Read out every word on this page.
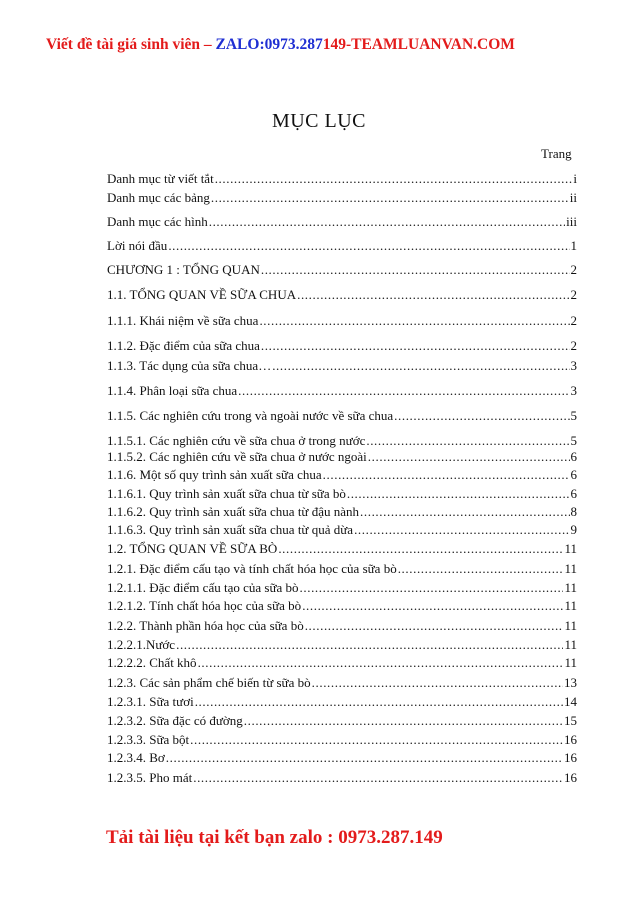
Viết đề tài giá sinh viên – ZALO:0973.287149-TEAMLUANVAN.COM
MỤC LỤC
Trang
Danh mục từ viết tắt .....	i
Danh mục các bảng .....	ii
Danh mục các hình .....	iii
Lời nói đầu .....	1
CHƯƠNG 1 : TỔNG QUAN .....	2
1.1. TỔNG QUAN VỀ SỮA CHUA .....	2
1.1.1. Khái niệm về sữa chua .....	2
1.1.2. Đặc điểm của sữa chua .....	2
1.1.3. Tác dụng của sữa chua… .....	3
1.1.4. Phân loại sữa chua .....	3
1.1.5. Các nghiên cứu trong và ngoài nước về sữa chua .....	5
1.1.5.1. Các nghiên cứu về sữa chua ở trong nước .....	5
1.1.5.2. Các nghiên cứu về sữa chua ở nước ngoài .....	6
1.1.6. Một số quy trình sản xuất sữa chua .....	6
1.1.6.1. Quy trình sản xuất sữa chua từ sữa bò .....	6
1.1.6.2. Quy trình sản xuất sữa chua từ đậu nành .....	8
1.1.6.3. Quy trình sản xuất sữa chua từ quả dừa .....	9
1.2. TỔNG QUAN VỀ SỮA BÒ .....	11
1.2.1. Đặc điểm cấu tạo và tính chất hóa học của sữa bò .....	11
1.2.1.1. Đặc điểm cấu tạo của sữa bò .....	11
1.2.1.2. Tính chất hóa học của sữa bò .....	11
1.2.2. Thành phần hóa học của sữa bò .....	11
1.2.2.1.Nước .....	11
1.2.2.2. Chất khô .....	11
1.2.3. Các sản phẩm chế biến từ sữa bò .....	13
1.2.3.1. Sữa tươi .....	14
1.2.3.2. Sữa đặc có đường .....	15
1.2.3.3. Sữa bột .....	16
1.2.3.4. Bơ .....	16
1.2.3.5. Pho mát .....	16
Tải tài liệu tại kết bạn zalo : 0973.287.149
